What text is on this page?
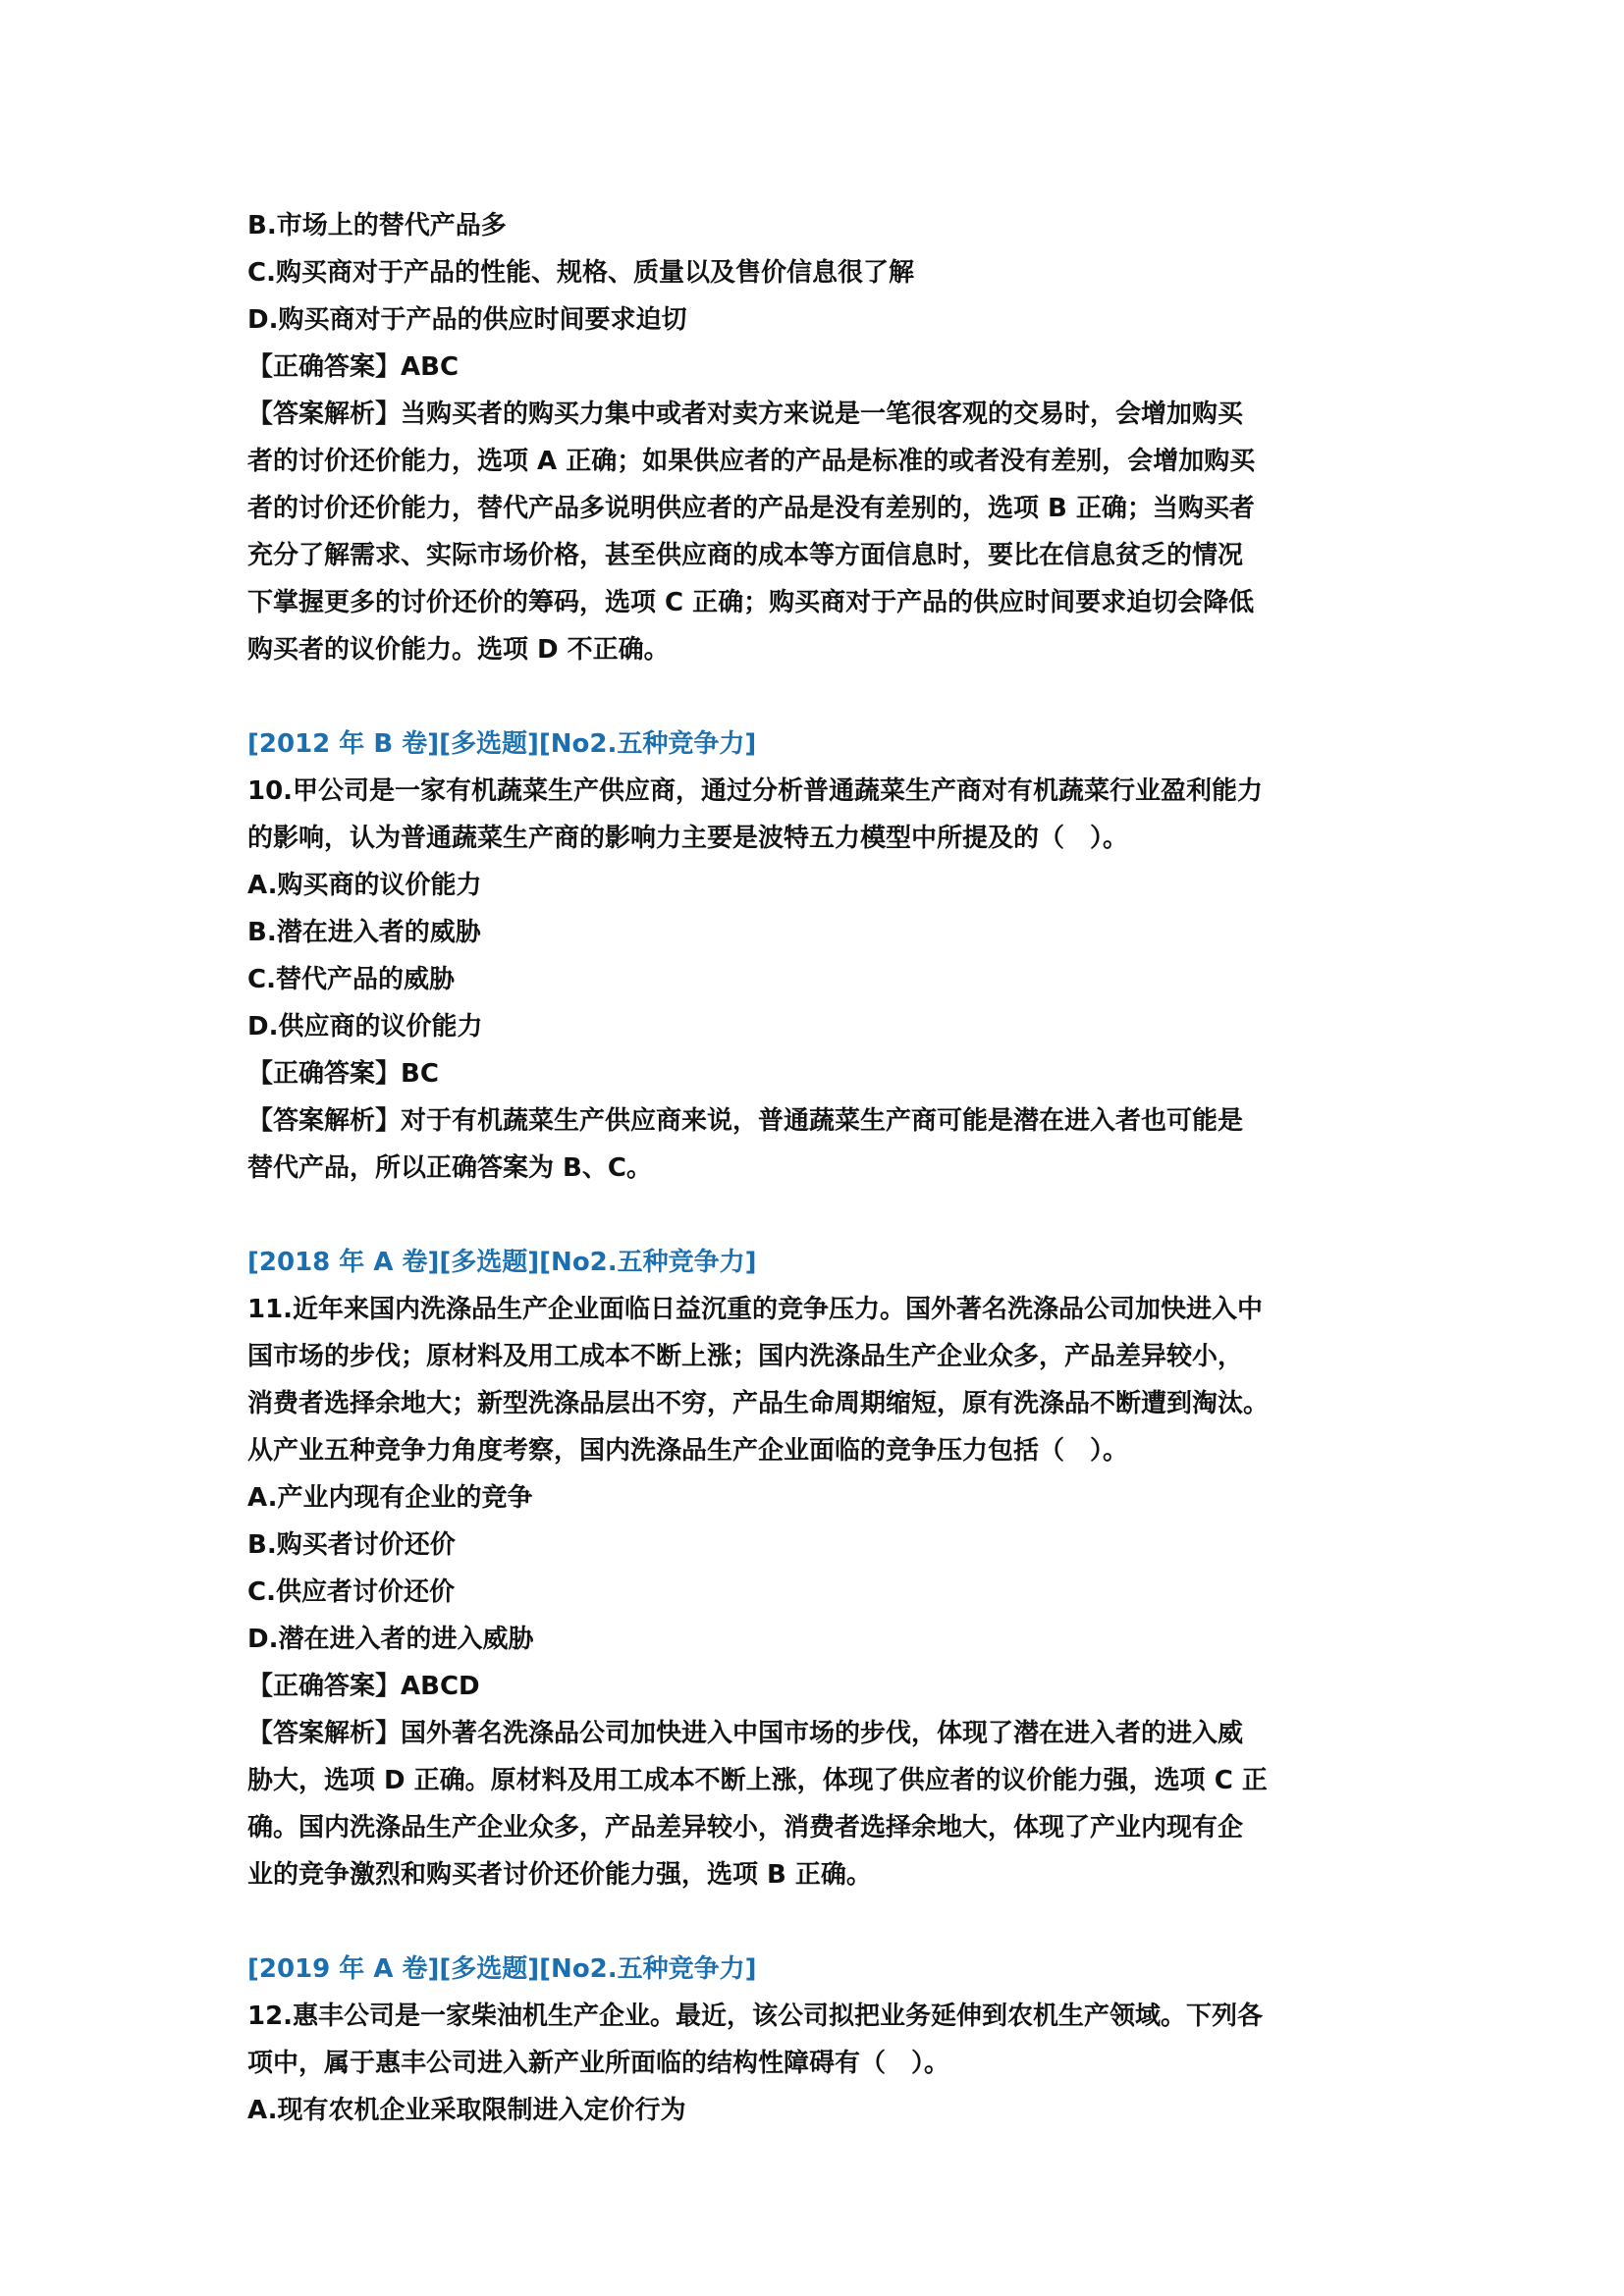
B.市场上的替代产品多
C.购买商对于产品的性能、规格、质量以及售价信息很了解
D.购买商对于产品的供应时间要求迫切
【正确答案】ABC
【答案解析】当购买者的购买力集中或者对卖方来说是一笔很客观的交易时，会增加购买
者的讨价还价能力，选项 A 正确；如果供应者的产品是标准的或者没有差别，会增加购买
者的讨价还价能力，替代产品多说明供应者的产品是没有差别的，选项 B 正确；当购买者
充分了解需求、实际市场价格，甚至供应商的成本等方面信息时，要比在信息贫乏的情况
下掌握更多的讨价还价的筹码，选项 C 正确；购买商对于产品的供应时间要求迫切会降低
购买者的议价能力。选项 D 不正确。
[2012 年 B 卷][多选题][No2.五种竞争力]
10.甲公司是一家有机蔬菜生产供应商，通过分析普通蔬菜生产商对有机蔬菜行业盈利能力
的影响，认为普通蔬菜生产商的影响力主要是波特五力模型中所提及的（　）。
A.购买商的议价能力
B.潜在进入者的威胁
C.替代产品的威胁
D.供应商的议价能力
【正确答案】BC
【答案解析】对于有机蔬菜生产供应商来说，普通蔬菜生产商可能是潜在进入者也可能是
替代产品，所以正确答案为 B、C。
[2018 年 A 卷][多选题][No2.五种竞争力]
11.近年来国内洗涤品生产企业面临日益沉重的竞争压力。国外著名洗涤品公司加快进入中
国市场的步伐；原材料及用工成本不断上涨；国内洗涤品生产企业众多，产品差异较小，
消费者选择余地大；新型洗涤品层出不穷，产品生命周期缩短，原有洗涤品不断遭到淘汰。
从产业五种竞争力角度考察，国内洗涤品生产企业面临的竞争压力包括（　）。
A.产业内现有企业的竞争
B.购买者讨价还价
C.供应者讨价还价
D.潜在进入者的进入威胁
【正确答案】ABCD
【答案解析】国外著名洗涤品公司加快进入中国市场的步伐，体现了潜在进入者的进入威
胁大，选项 D 正确。原材料及用工成本不断上涨，体现了供应者的议价能力强，选项 C 正
确。国内洗涤品生产企业众多，产品差异较小，消费者选择余地大，体现了产业内现有企
业的竞争激烈和购买者讨价还价能力强，选项 B 正确。
[2019 年 A 卷][多选题][No2.五种竞争力]
12.惠丰公司是一家柴油机生产企业。最近，该公司拟把业务延伸到农机生产领域。下列各
项中，属于惠丰公司进入新产业所面临的结构性障碍有（　）。
A.现有农机企业采取限制进入定价行为
